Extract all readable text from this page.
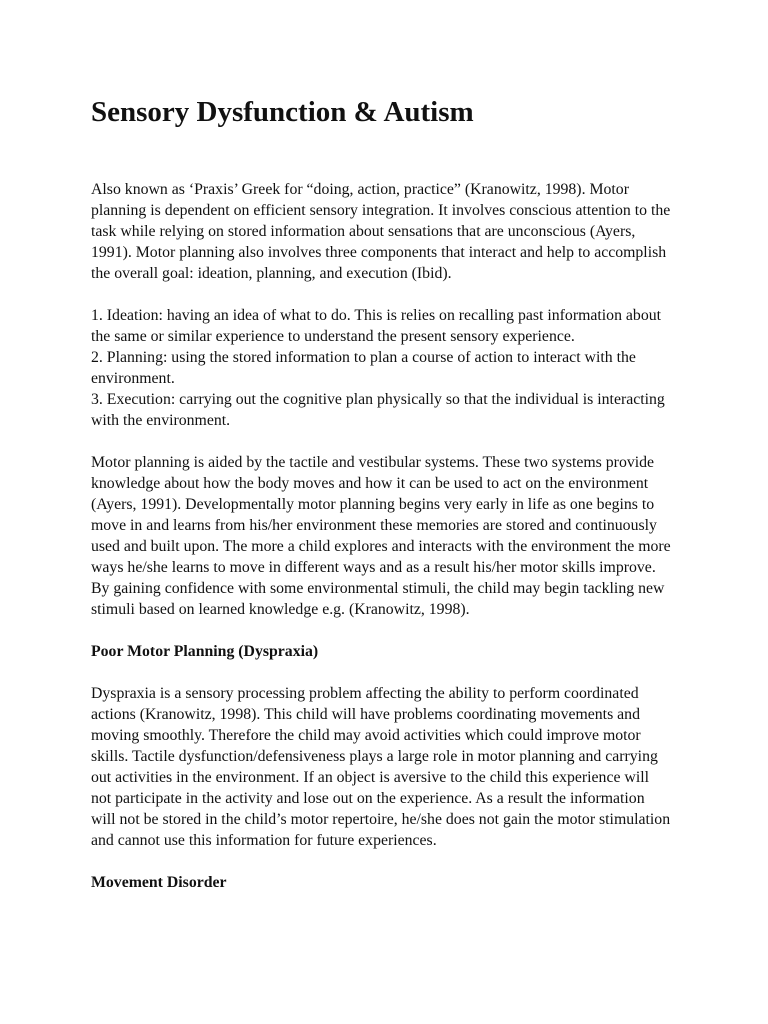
Sensory Dysfunction & Autism

Also known as ‘Praxis’ Greek for “doing, action, practice” (Kranowitz, 1998). Motor planning is dependent on efficient sensory integration. It involves conscious attention to the task while relying on stored information about sensations that are unconscious (Ayers, 1991). Motor planning also involves three components that interact and help to accomplish the overall goal: ideation, planning, and execution (Ibid).

1. Ideation: having an idea of what to do. This is relies on recalling past information about the same or similar experience to understand the present sensory experience.

2. Planning: using the stored information to plan a course of action to interact with the environment.

3. Execution: carrying out the cognitive plan physically so that the individual is interacting with the environment.

Motor planning is aided by the tactile and vestibular systems. These two systems provide knowledge about how the body moves and how it can be used to act on the environment (Ayers, 1991). Developmentally motor planning begins very early in life as one begins to move in and learns from his/her environment these memories are stored and continuously used and built upon. The more a child explores and interacts with the environment the more ways he/she learns to move in different ways and as a result his/her motor skills improve. By gaining confidence with some environmental stimuli, the child may begin tackling new stimuli based on learned knowledge e.g. (Kranowitz, 1998).

Poor Motor Planning (Dyspraxia)

Dyspraxia is a sensory processing problem affecting the ability to perform coordinated actions (Kranowitz, 1998). This child will have problems coordinating movements and moving smoothly. Therefore the child may avoid activities which could improve motor skills. Tactile dysfunction/defensiveness plays a large role in motor planning and carrying out activities in the environment. If an object is aversive to the child this experience will not participate in the activity and lose out on the experience. As a result the information will not be stored in the child’s motor repertoire, he/she does not gain the motor stimulation and cannot use this information for future experiences.

Movement Disorder
